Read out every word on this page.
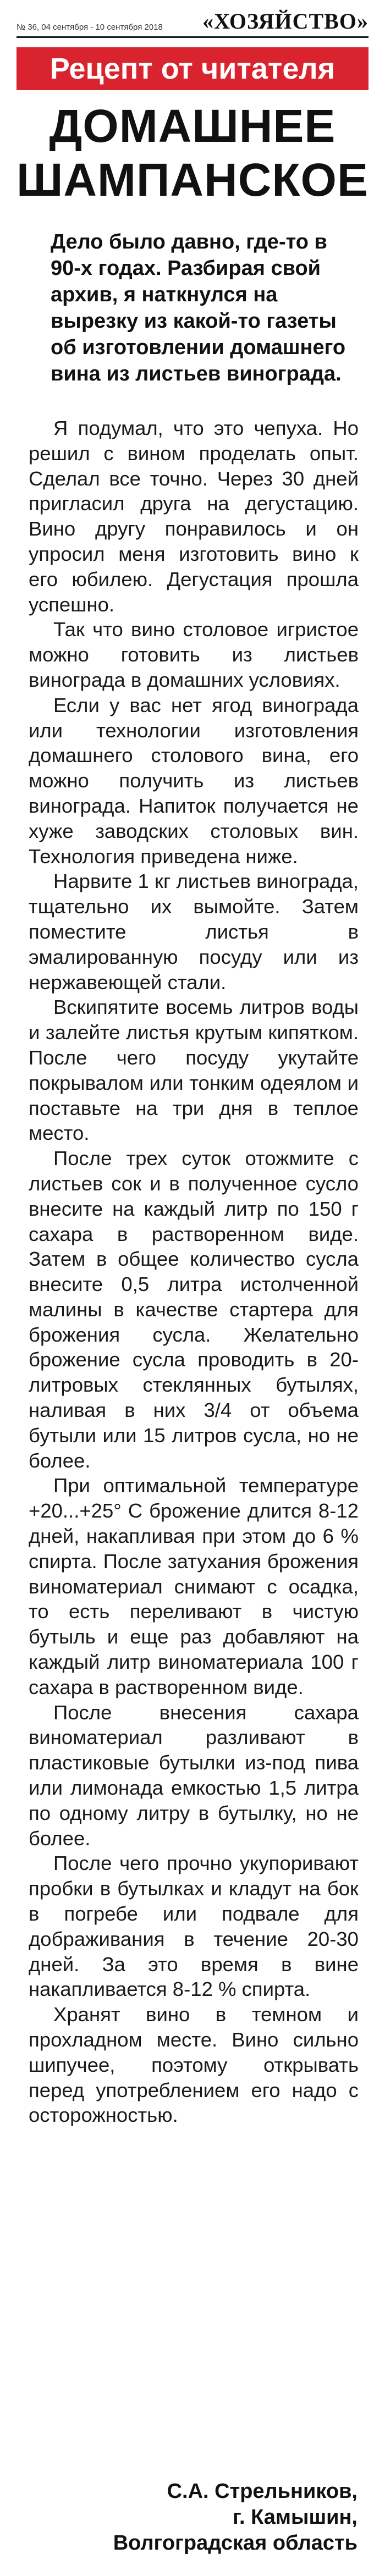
№ 36, 04 сентября - 10 сентября 2018 «ХОЗЯЙСТВО»
Рецепт от читателя
ДОМАШНЕЕ ШАМПАНСКОЕ
Дело было давно, где-то в 90-х годах. Разбирая свой архив, я наткнулся на вырезку из какой-то газеты об изготовлении домашнего вина из листьев винограда.

Я подумал, что это чепуха. Но решил с вином проделать опыт. Сделал все точно. Через 30 дней пригласил друга на дегустацию. Вино другу понравилось и он упросил меня изготовить вино к его юбилею. Дегустация прошла успешно.

Так что вино столовое игристое можно готовить из листьев винограда в домашних условиях.

Если у вас нет ягод винограда или технологии изготовления домашнего столового вина, его можно получить из листьев винограда. Напиток получается не хуже заводских столовых вин. Технология приведена ниже.

Нарвите 1 кг листьев винограда, тщательно их вымойте. Затем поместите листья в эмалированную посуду или из нержавеющей стали.

Вскипятите восемь литров воды и залейте листья крутым кипятком. После чего посуду укутайте покрывалом или тонким одеялом и поставьте на три дня в теплое место.

После трех суток отожмите с листьев сок и в полученное сусло внесите на каждый литр по 150 г сахара в растворенном виде. Затем в общее количество сусла внесите 0,5 литра истолченной малины в качестве стартера для брожения сусла. Желательно брожение сусла проводить в 20-литровых стеклянных бутылях, наливая в них 3/4 от объема бутыли или 15 литров сусла, но не более.

При оптимальной температуре +20...+25° С брожение длится 8-12 дней, накапливая при этом до 6 % спирта. После затухания брожения виноматериал снимают с осадка, то есть переливают в чистую бутыль и еще раз добавляют на каждый литр виноматериала 100 г сахара в растворенном виде.

После внесения сахара виноматериал разливают в пластиковые бутылки из-под пива или лимонада емкостью 1,5 литра по одному литру в бутылку, но не более.

После чего прочно укупоривают пробки в бутылках и кладут на бок в погребе или подвале для дображивания в течение 20-30 дней. За это время в вине накапливается 8-12 % спирта.

Хранят вино в темном и прохладном месте. Вино сильно шипучее, поэтому открывать перед употреблением его надо с осторожностью.

С.А. Стрельников,
г. Камышин,
Волгоградская область
